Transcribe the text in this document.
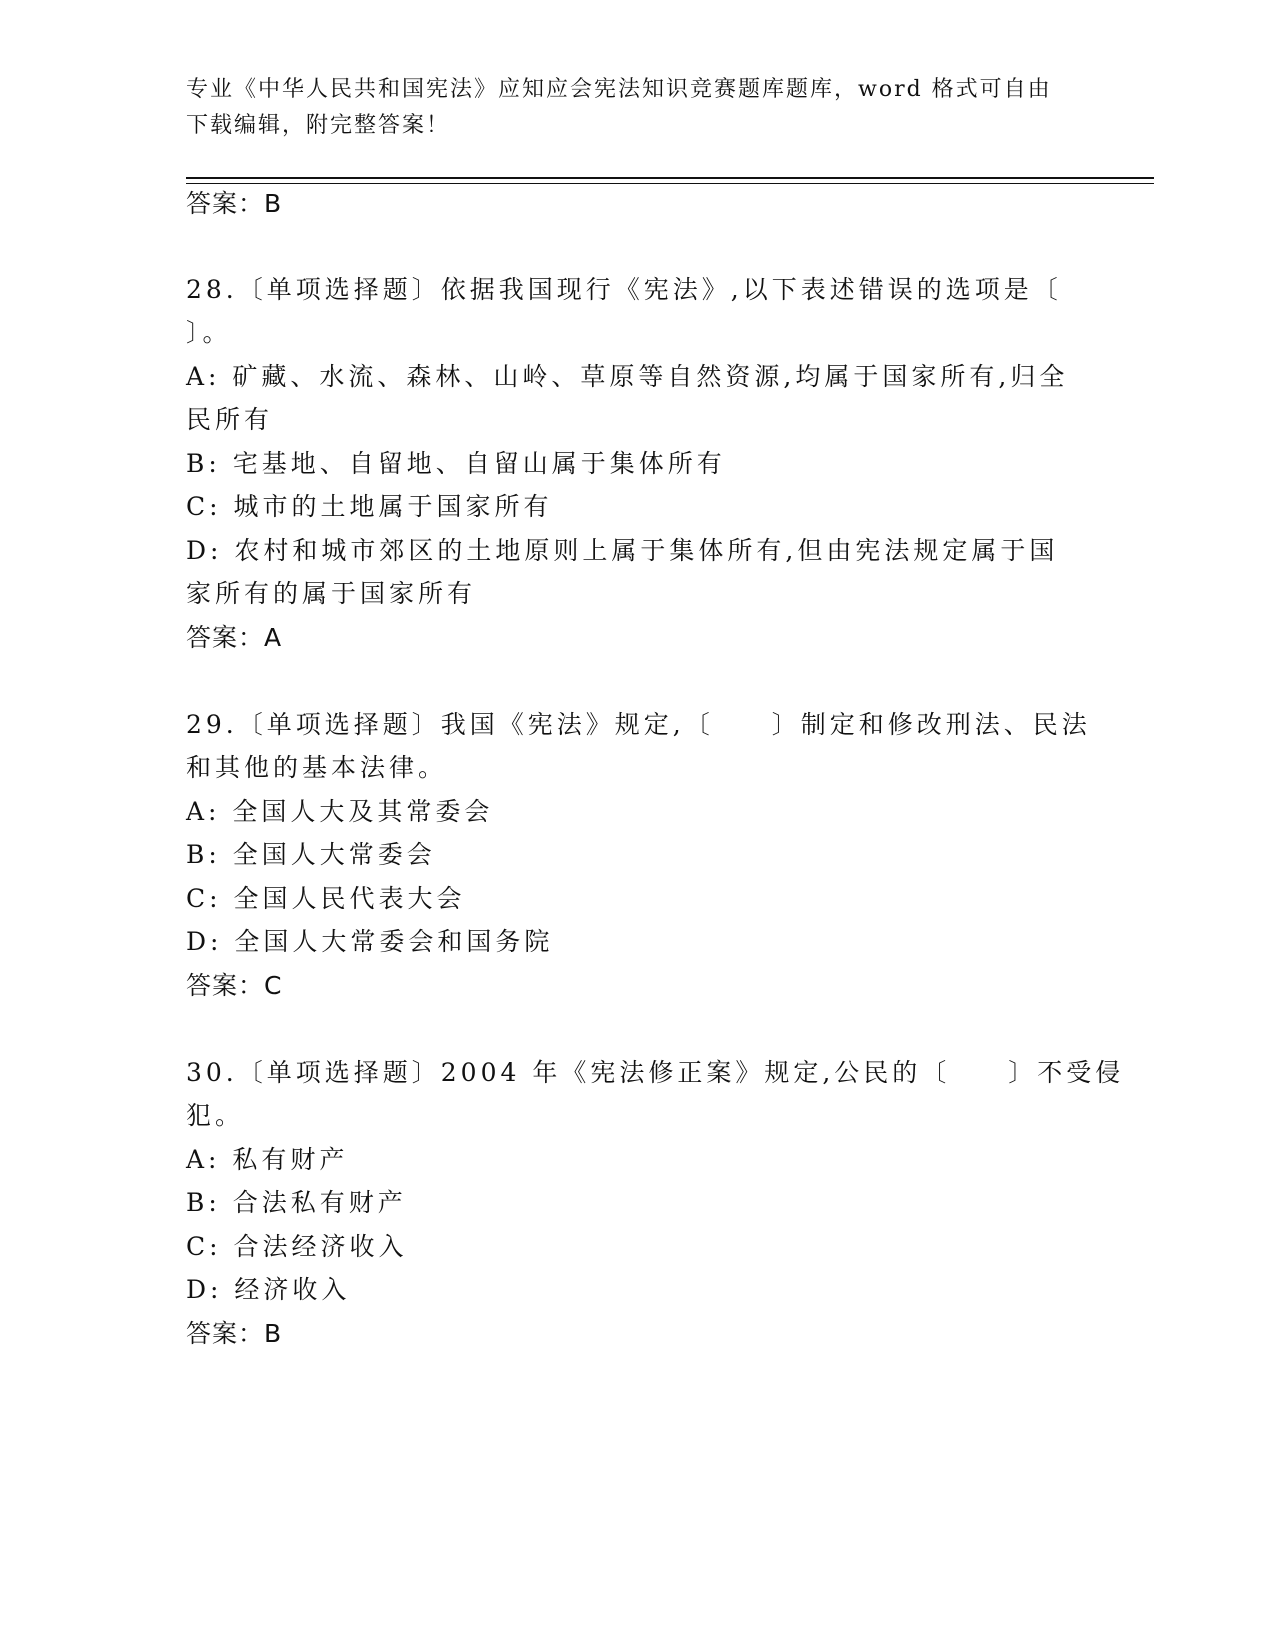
专业《中华人民共和国宪法》应知应会宪法知识竞赛题库题库，word 格式可自由
下载编辑，附完整答案！
答案：B
28.〔单项选择题〕依据我国现行《宪法》,以下表述错误的选项是〔
〕。
A: 矿藏、水流、森林、山岭、草原等自然资源,均属于国家所有,归全
民所有
B: 宅基地、自留地、自留山属于集体所有
C: 城市的土地属于国家所有
D: 农村和城市郊区的土地原则上属于集体所有,但由宪法规定属于国
家所有的属于国家所有
答案：A
29.〔单项选择题〕我国《宪法》规定,〔　　〕制定和修改刑法、民法
和其他的基本法律。
A: 全国人大及其常委会
B: 全国人大常委会
C: 全国人民代表大会
D: 全国人大常委会和国务院
答案：C
30.〔单项选择题〕2004 年《宪法修正案》规定,公民的〔　　〕不受侵
犯。
A: 私有财产
B: 合法私有财产
C: 合法经济收入
D: 经济收入
答案：B
